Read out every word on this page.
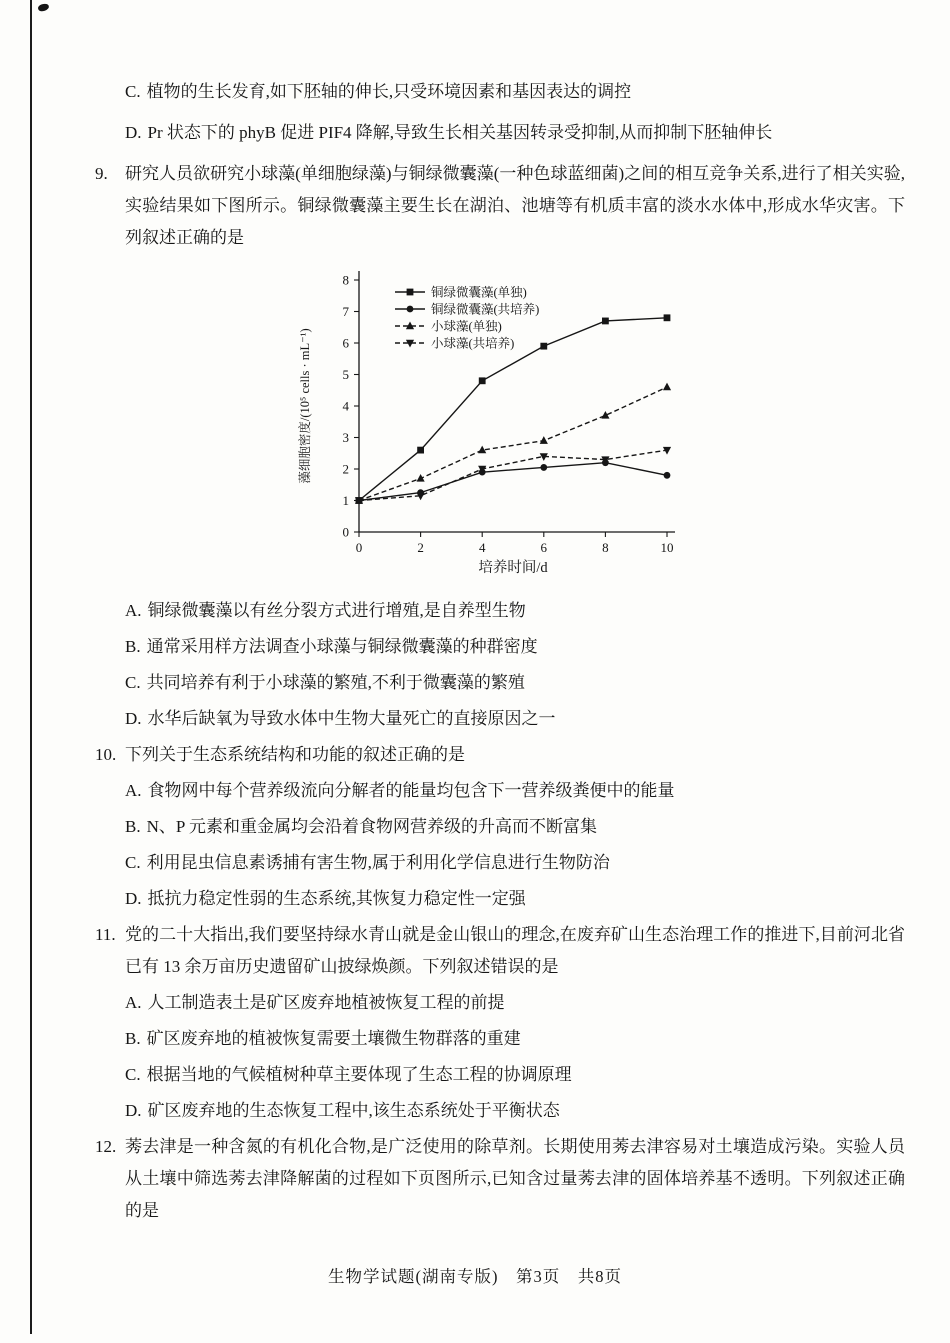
C. 植物的生长发育,如下胚轴的伸长,只受环境因素和基因表达的调控
D. Pr 状态下的 phyB 促进 PIF4 降解,导致生长相关基因转录受抑制,从而抑制下胚轴伸长
9.	研究人员欲研究小球藻(单细胞绿藻)与铜绿微囊藻(一种色球蓝细菌)之间的相互竞争关系,进行了相关实验,实验结果如下图所示。铜绿微囊藻主要生长在湖泊、池塘等有机质丰富的淡水水体中,形成水华灾害。下列叙述正确的是
0
1
2
3
4
5
6
7
8
0	2	4	6	8	10
培养时间/d
藻细胞密度/(10⁵ cells · mL⁻¹)
铜绿微囊藻(单独)
铜绿微囊藻(共培养)
小球藻(单独)
小球藻(共培养)
A. 铜绿微囊藻以有丝分裂方式进行增殖,是自养型生物
B. 通常采用样方法调查小球藻与铜绿微囊藻的种群密度
C. 共同培养有利于小球藻的繁殖,不利于微囊藻的繁殖
D. 水华后缺氧为导致水体中生物大量死亡的直接原因之一
10. 下列关于生态系统结构和功能的叙述正确的是
A. 食物网中每个营养级流向分解者的能量均包含下一营养级粪便中的能量
B. N、P 元素和重金属均会沿着食物网营养级的升高而不断富集
C. 利用昆虫信息素诱捕有害生物,属于利用化学信息进行生物防治
D. 抵抗力稳定性弱的生态系统,其恢复力稳定性一定强
11. 党的二十大指出,我们要坚持绿水青山就是金山银山的理念,在废弃矿山生态治理工作的推进下,目前河北省已有 13 余万亩历史遗留矿山披绿焕颜。下列叙述错误的是
A. 人工制造表土是矿区废弃地植被恢复工程的前提
B. 矿区废弃地的植被恢复需要土壤微生物群落的重建
C. 根据当地的气候植树种草主要体现了生态工程的协调原理
D. 矿区废弃地的生态恢复工程中,该生态系统处于平衡状态
12. 莠去津是一种含氮的有机化合物,是广泛使用的除草剂。长期使用莠去津容易对土壤造成污染。实验人员从土壤中筛选莠去津降解菌的过程如下页图所示,已知含过量莠去津的固体培养基不透明。下列叙述正确的是
生物学试题(湖南专版)　第3页　共8页
